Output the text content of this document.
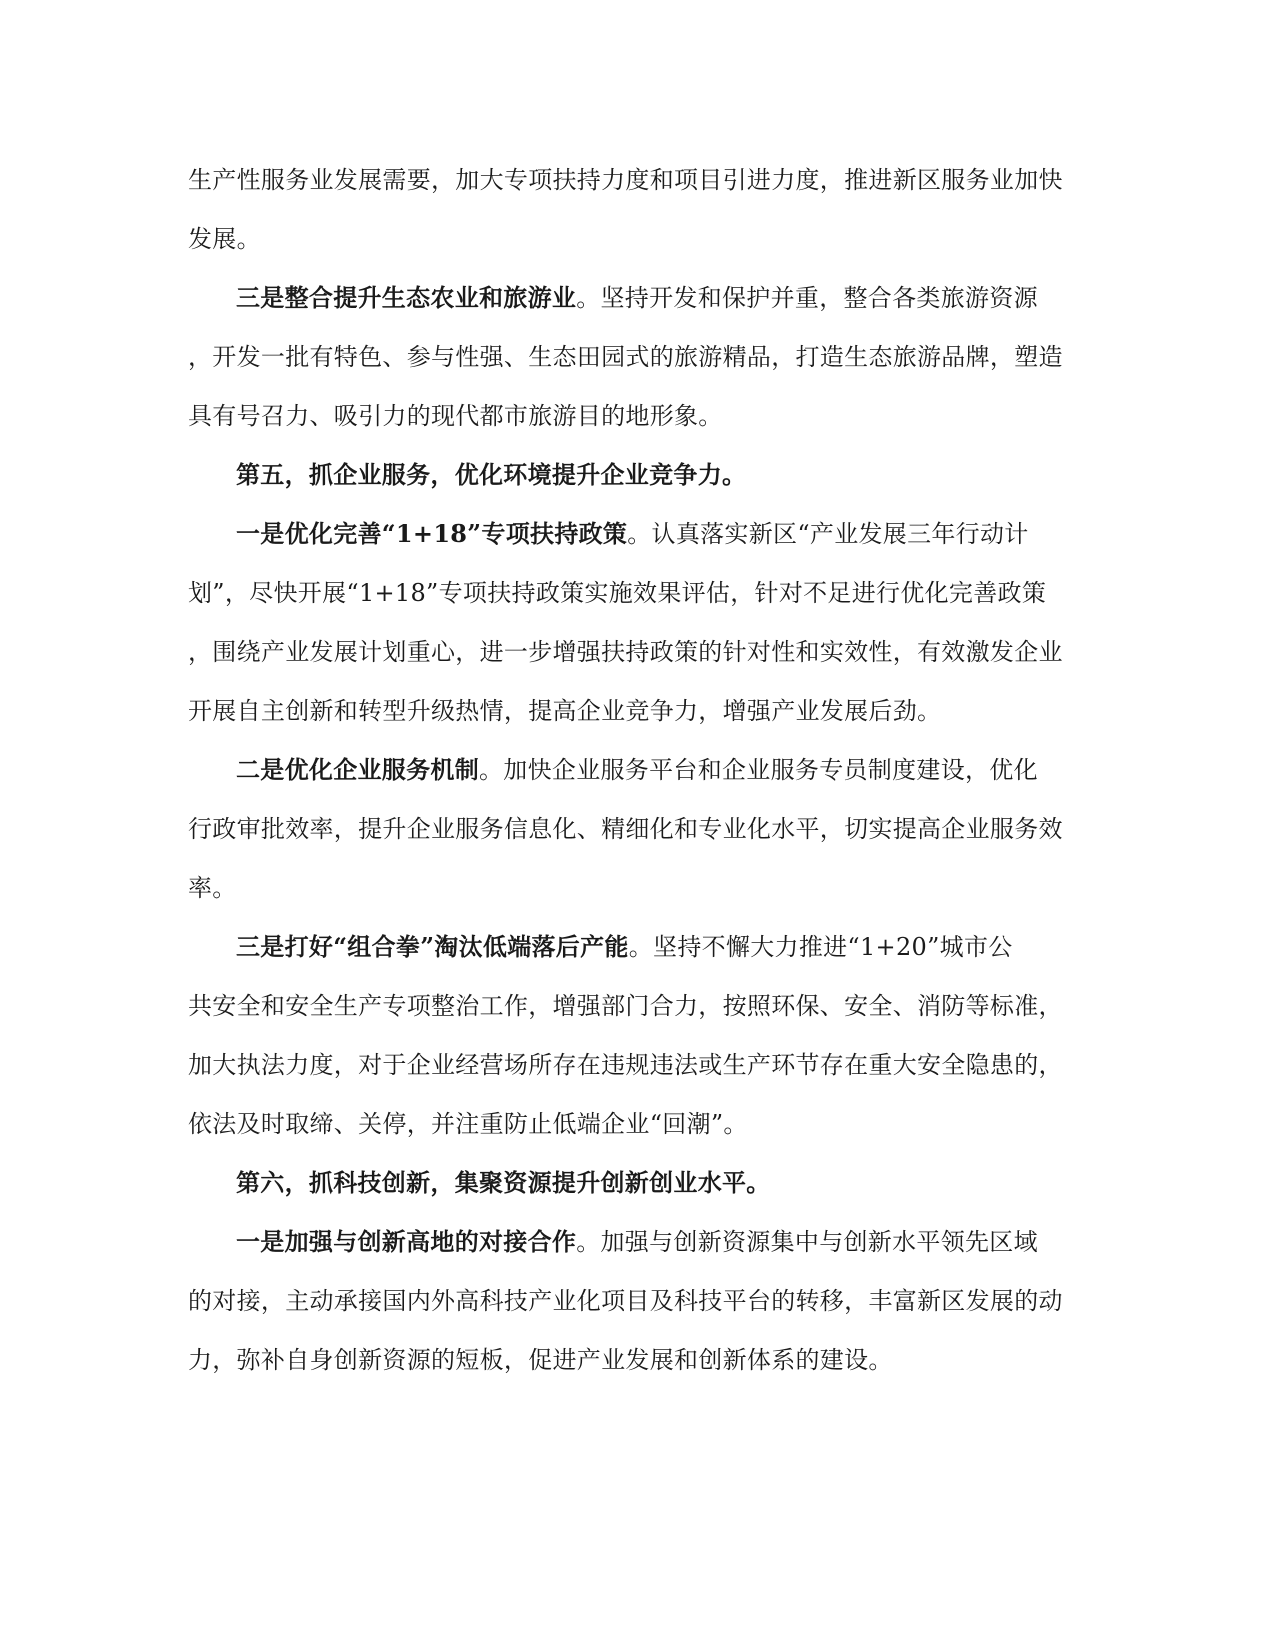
生产性服务业发展需要，加大专项扶持力度和项目引进力度，推进新区服务业加快
发展。
三是整合提升生态农业和旅游业。坚持开发和保护并重，整合各类旅游资源
，开发一批有特色、参与性强、生态田园式的旅游精品，打造生态旅游品牌，塑造
具有号召力、吸引力的现代都市旅游目的地形象。
第五，抓企业服务，优化环境提升企业竞争力。
一是优化完善“1+18”专项扶持政策。认真落实新区“产业发展三年行动计
划”，尽快开展“1+18”专项扶持政策实施效果评估，针对不足进行优化完善政策
，围绕产业发展计划重心，进一步增强扶持政策的针对性和实效性，有效激发企业
开展自主创新和转型升级热情，提高企业竞争力，增强产业发展后劲。
二是优化企业服务机制。加快企业服务平台和企业服务专员制度建设，优化
行政审批效率，提升企业服务信息化、精细化和专业化水平，切实提高企业服务效
率。
三是打好“组合拳”淘汰低端落后产能。坚持不懈大力推进“1+20”城市公
共安全和安全生产专项整治工作，增强部门合力，按照环保、安全、消防等标准，
加大执法力度，对于企业经营场所存在违规违法或生产环节存在重大安全隐患的，
依法及时取缔、关停，并注重防止低端企业“回潮”。
第六，抓科技创新，集聚资源提升创新创业水平。
一是加强与创新高地的对接合作。加强与创新资源集中与创新水平领先区域
的对接，主动承接国内外高科技产业化项目及科技平台的转移，丰富新区发展的动
力，弥补自身创新资源的短板，促进产业发展和创新体系的建设。
